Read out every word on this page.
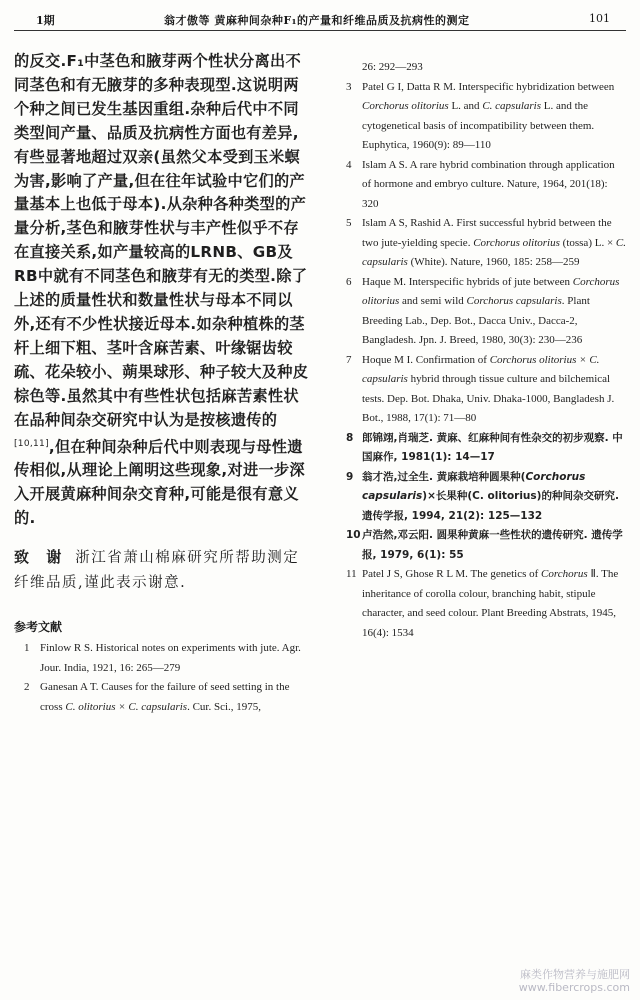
1期	翁才傲等 黄麻种间杂种F₁的产量和纤维品质及抗病性的测定	101

的反交.F₁中茎色和腋芽两个性状分离出不同茎色和有无腋芽的多种表现型.这说明两个种之间已发生基因重组.杂种后代中不同类型间产量、品质及抗病性方面也有差异,有些显著地超过双亲(虽然父本受到玉米螟为害,影响了产量,但在往年试验中它们的产量基本上也低于母本).从杂种各种类型的产量分析,茎色和腋芽性状与丰产性似乎不存在直接关系,如产量较高的LRNB、GB及RB中就有不同茎色和腋芽有无的类型.除了上述的质量性状和数量性状与母本不同以外,还有不少性状接近母本.如杂种植株的茎杆上细下粗、茎叶含麻苦素、叶缘锯齿较疏、花朵较小、蒴果球形、种子较大及种皮棕色等.虽然其中有些性状包括麻苦素性状在品种间杂交研究中认为是按核遗传的[10,11],但在种间杂种后代中则表现与母性遗传相似,从理论上阐明这些现象,对进一步深入开展黄麻种间杂交育种,可能是很有意义的.

致 谢 浙江省萧山棉麻研究所帮助测定纤维品质,谨此表示谢意.
参考文献
1 Finlow R S. Historical notes on experiments with jute. Agr. Jour. India, 1921, 16: 265—279
2 Ganesan A T. Causes for the failure of seed setting in the cross C. olitorius × C. capsularis. Cur. Sci., 1975,
26: 292—293
3 Patel G I, Datta R M. Interspecific hybridization between Corchorus olitorius L. and C. capsularis L. and the cytogenetical basis of incompatibility between them. Euphytica, 1960(9): 89—110
4 Islam A S. A rare hybrid combination through application of hormone and embryo culture. Nature, 1964, 201(18): 320
5 Islam A S, Rashid A. First successful hybrid between the two jute-yielding specie. Corchorus olitorius (tossa) L. × C. capsularis (White). Nature, 1960, 185: 258—259
6 Haque M. Interspecific hybrids of jute between Corchorus olitorius and semi wild Corchorus capsularis. Plant Breeding Lab., Dep. Bot., Dacca Univ., Dacca-2, Bangladesh. Jpn. J. Breed, 1980, 30(3): 230—236
7 Hoque M I. Confirmation of Corchorus olitorius × C. capsularis hybrid through tissue culture and bilchemical tests. Dep. Bot. Dhaka, Univ. Dhaka-1000, Bangladesh J. Bot., 1988, 17(1): 71—80
8 郎锦翊,肖瑞芝. 黄麻、红麻种间有性杂交的初步观察. 中国麻作, 1981(1): 14—17
9 翁才浩,过全生. 黄麻栽培种圆果种(Corchorus capsularis)×长果种(C. olitorius)的种间杂交研究. 遗传学报, 1994, 21(2): 125—132
10 卢浩然,邓云阳. 圆果种黄麻一些性状的遗传研究. 遗传学报, 1979, 6(1): 55
11 Patel J S, Ghose R L M. The genetics of Corchorus Ⅱ. The inheritance of corolla colour, branching habit, stipule character, and seed colour. Plant Breeding Abstrats, 1945, 16(4): 1534
麻类作物营养与施肥网
www.fibercrops.com
